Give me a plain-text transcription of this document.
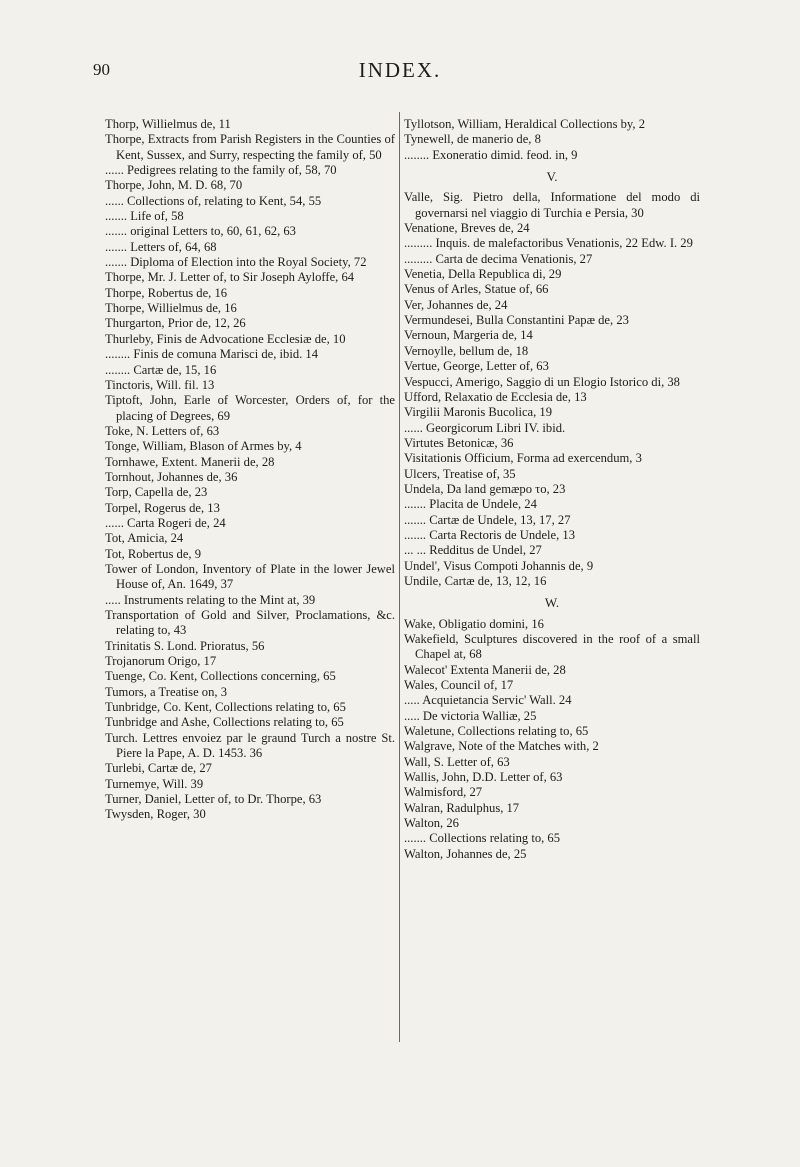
90	INDEX.
Thorp, Willielmus de, 11
Thorpe, Extracts from Parish Registers in the Counties of Kent, Sussex, and Surry, respecting the family of, 50
...... Pedigrees relating to the family of, 58, 70
Thorpe, John, M. D. 68, 70
...... Collections of, relating to Kent, 54, 55
....... Life of, 58
....... original Letters to, 60, 61, 62, 63
....... Letters of, 64, 68
....... Diploma of Election into the Royal Society, 72
Thorpe, Mr. J. Letter of, to Sir Joseph Ayloffe, 64
Thorpe, Robertus de, 16
Thorpe, Willielmus de, 16
Thurgarton, Prior de, 12, 26
Thurleby, Finis de Advocatione Ecclesiæ de, 10
........ Finis de comuna Marisci de, ibid. 14
........ Cartæ de, 15, 16
Tinctoris, Will. fil. 13
Tiptoft, John, Earle of Worcester, Orders of, for the placing of Degrees, 69
Toke, N. Letters of, 63
Tonge, William, Blason of Armes by, 4
Tornhawe, Extent. Manerii de, 28
Tornhout, Johannes de, 36
Torp, Capella de, 23
Torpel, Rogerus de, 13
...... Carta Rogeri de, 24
Tot, Amicia, 24
Tot, Robertus de, 9
Tower of London, Inventory of Plate in the lower Jewel House of, An. 1649, 37
..... Instruments relating to the Mint at, 39
Transportation of Gold and Silver, Proclamations, &c. relating to, 43
Trinitatis S. Lond. Prioratus, 56
Trojanorum Origo, 17
Tuenge, Co. Kent, Collections concerning, 65
Tumors, a Treatise on, 3
Tunbridge, Co. Kent, Collections relating to, 65
Tunbridge and Ashe, Collections relating to, 65
Turch. Lettres envoiez par le graund Turch a nostre St. Piere la Pape, A. D. 1453. 36
Turlebi, Cartæ de, 27
Turnemye, Will. 39
Turner, Daniel, Letter of, to Dr. Thorpe, 63
Twysden, Roger, 30
Tyllotson, William, Heraldical Collections by, 2
Tynewell, de manerio de, 8
........ Exoneratio dimid. feod. in, 9
V.
Valle, Sig. Pietro della, Informatione del modo di governarsi nel viaggio di Turchia e Persia, 30
Venatione, Breves de, 24
......... Inquis. de malefactoribus Venationis, 22 Edw. I. 29
......... Carta de decima Venationis, 27
Venetia, Della Republica di, 29
Venus of Arles, Statue of, 66
Ver, Johannes de, 24
Vermundesei, Bulla Constantini Papæ de, 23
Vernoun, Margeria de, 14
Vernoylle, bellum de, 18
Vertue, George, Letter of, 63
Vespucci, Amerigo, Saggio di un Elogio Istorico di, 38
Ufford, Relaxatio de Ecclesia de, 13
Virgilii Maronis Bucolica, 19
...... Georgicorum Libri IV. ibid.
Virtutes Betonicæ, 36
Visitationis Officium, Forma ad exercendum, 3
Ulcers, Treatise of, 35
Undela, Da land gemæpo τo, 23
....... Placita de Undele, 24
....... Cartæ de Undele, 13, 17, 27
....... Carta Rectoris de Undele, 13
... ... Redditus de Undel, 27
Undel', Visus Compoti Johannis de, 9
Undile, Cartæ de, 13, 12, 16
W.
Wake, Obligatio domini, 16
Wakefield, Sculptures discovered in the roof of a small Chapel at, 68
Walecot' Extenta Manerii de, 28
Wales, Council of, 17
..... Acquietancia Servic' Wall. 24
..... De victoria Walliæ, 25
Waletune, Collections relating to, 65
Walgrave, Note of the Matches with, 2
Wall, S. Letter of, 63
Wallis, John, D.D. Letter of, 63
Walmisford, 27
Walran, Radulphus, 17
Walton, 26
....... Collections relating to, 65
Walton, Johannes de, 25
